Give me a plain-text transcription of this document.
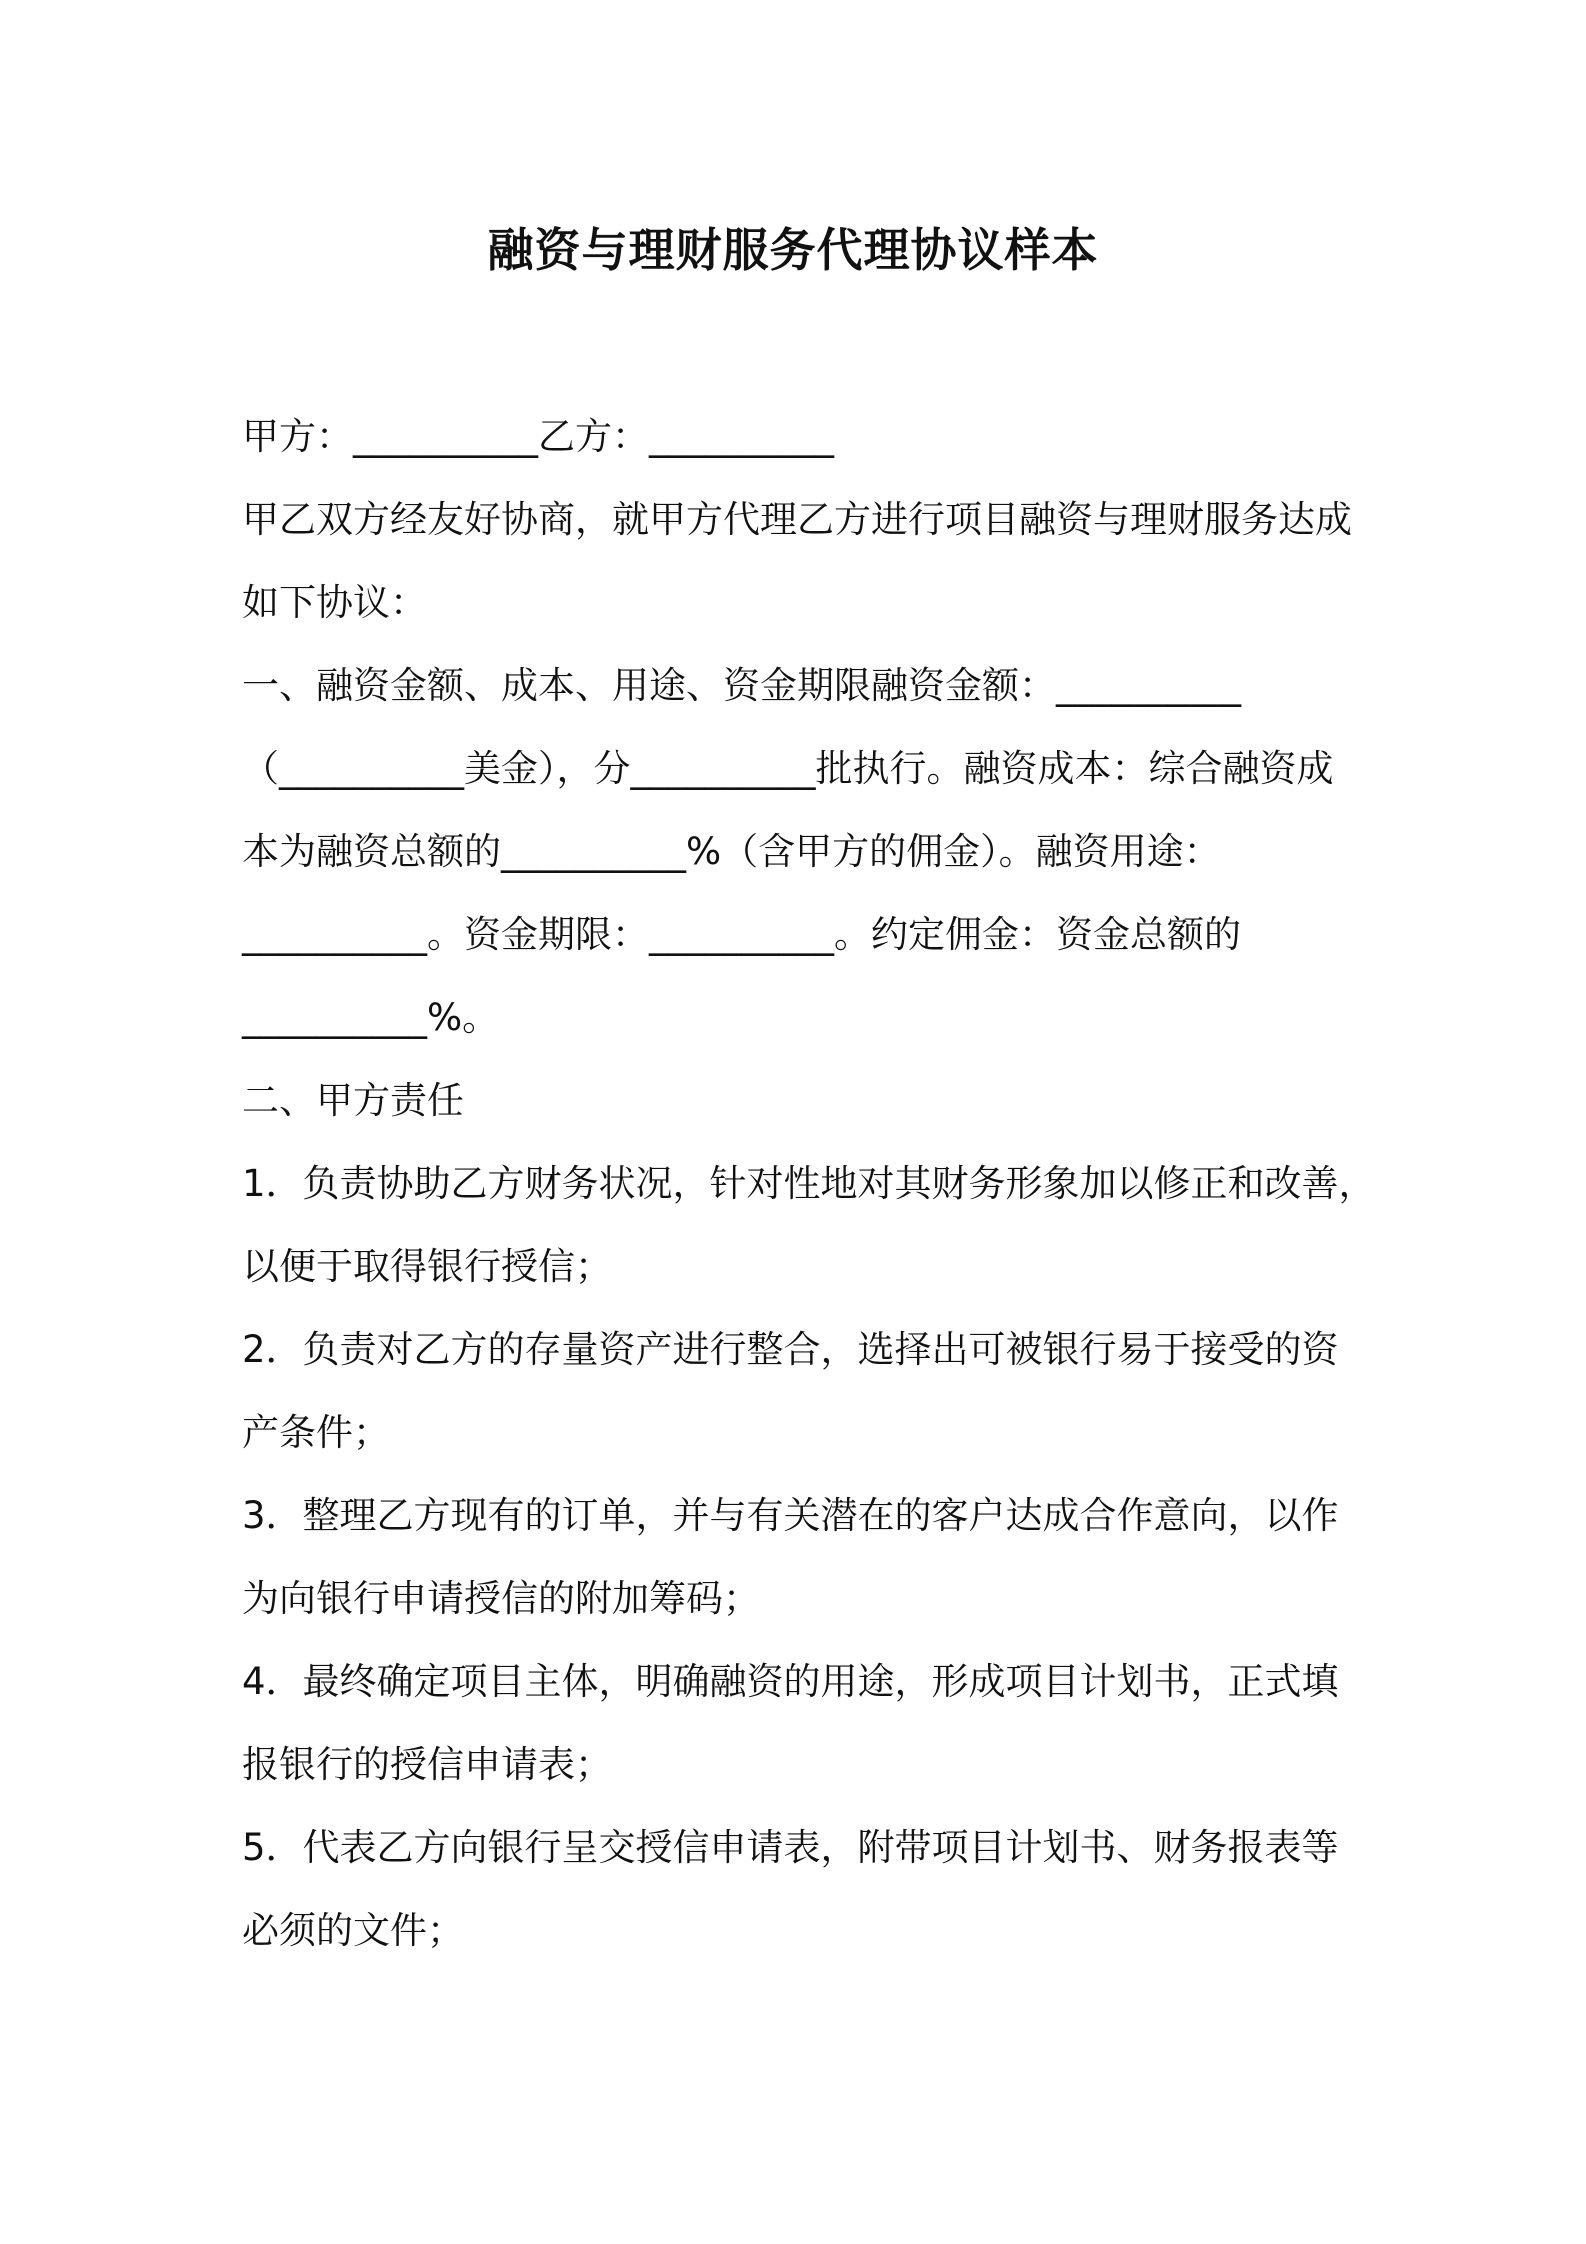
融资与理财服务代理协议样本
甲方：__________乙方：__________
甲乙双方经友好协商，就甲方代理乙方进行项目融资与理财服务达成
如下协议：
一、融资金额、成本、用途、资金期限融资金额：__________
（__________美金），分__________批执行。融资成本：综合融资成
本为融资总额的__________%（含甲方的佣金）。融资用途：
__________。资金期限：__________。约定佣金：资金总额的
__________%。
二、甲方责任
1．负责协助乙方财务状况，针对性地对其财务形象加以修正和改善，
以便于取得银行授信；
2．负责对乙方的存量资产进行整合，选择出可被银行易于接受的资
产条件；
3．整理乙方现有的订单，并与有关潜在的客户达成合作意向，以作
为向银行申请授信的附加筹码；
4．最终确定项目主体，明确融资的用途，形成项目计划书，正式填
报银行的授信申请表；
5．代表乙方向银行呈交授信申请表，附带项目计划书、财务报表等
必须的文件；
